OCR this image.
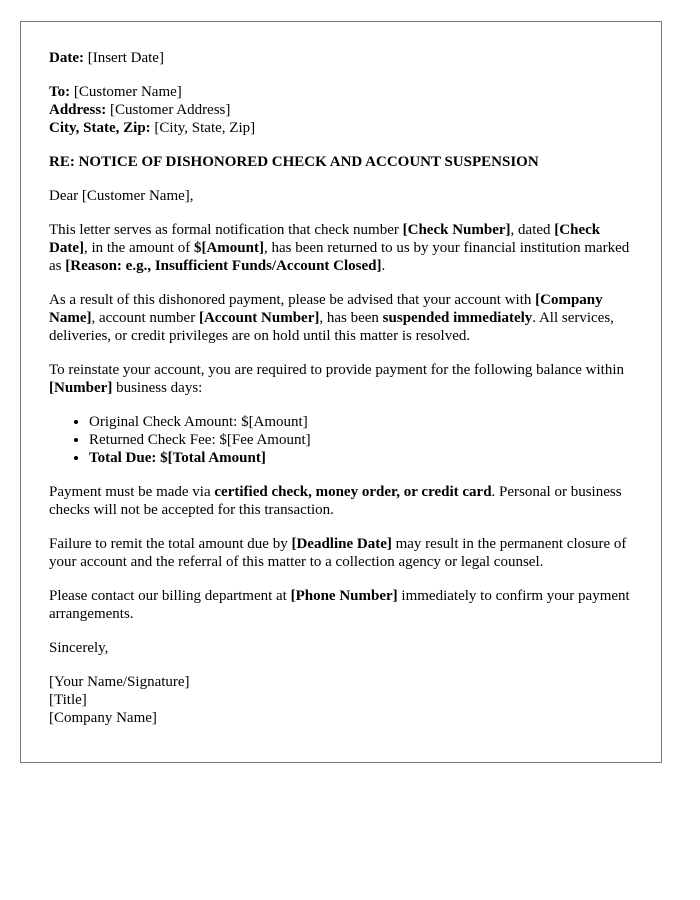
Date: [Insert Date]

To: [Customer Name]
Address: [Customer Address]
City, State, Zip: [City, State, Zip]

RE: NOTICE OF DISHONORED CHECK AND ACCOUNT SUSPENSION

Dear [Customer Name],

This letter serves as formal notification that check number [Check Number], dated [Check Date], in the amount of $[Amount], has been returned to us by your financial institution marked as [Reason: e.g., Insufficient Funds/Account Closed].

As a result of this dishonored payment, please be advised that your account with [Company Name], account number [Account Number], has been suspended immediately. All services, deliveries, or credit privileges are on hold until this matter is resolved.

To reinstate your account, you are required to provide payment for the following balance within [Number] business days:

• Original Check Amount: $[Amount]
• Returned Check Fee: $[Fee Amount]
• Total Due: $[Total Amount]

Payment must be made via certified check, money order, or credit card. Personal or business checks will not be accepted for this transaction.

Failure to remit the total amount due by [Deadline Date] may result in the permanent closure of your account and the referral of this matter to a collection agency or legal counsel.

Please contact our billing department at [Phone Number] immediately to confirm your payment arrangements.

Sincerely,

[Your Name/Signature]
[Title]
[Company Name]
